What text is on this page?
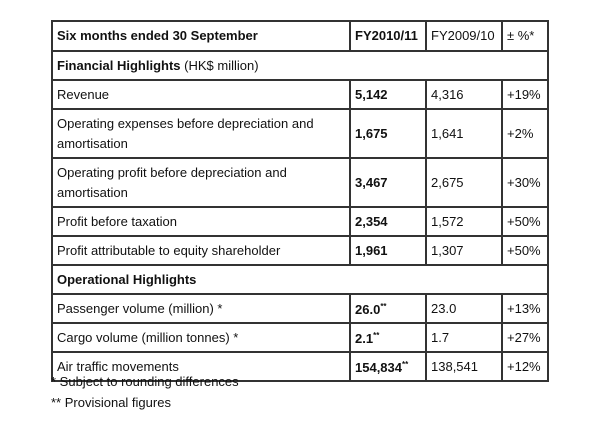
Six months ended 30 September	FY2010/11	FY2009/10	± %*
Financial Highlights (HK$ million)			
Revenue	5,142	4,316	+19%
Operating expenses before depreciation and amortisation	1,675	1,641	+2%
Operating profit before depreciation and amortisation	3,467	2,675	+30%
Profit before taxation	2,354	1,572	+50%
Profit attributable to equity shareholder	1,961	1,307	+50%
Operational Highlights			
Passenger volume (million) *	26.0**	23.0	+13%
Cargo volume (million tonnes) *	2.1**	1.7	+27%
Air traffic movements	154,834**	138,541	+12%
* Subject to rounding differences
** Provisional figures
